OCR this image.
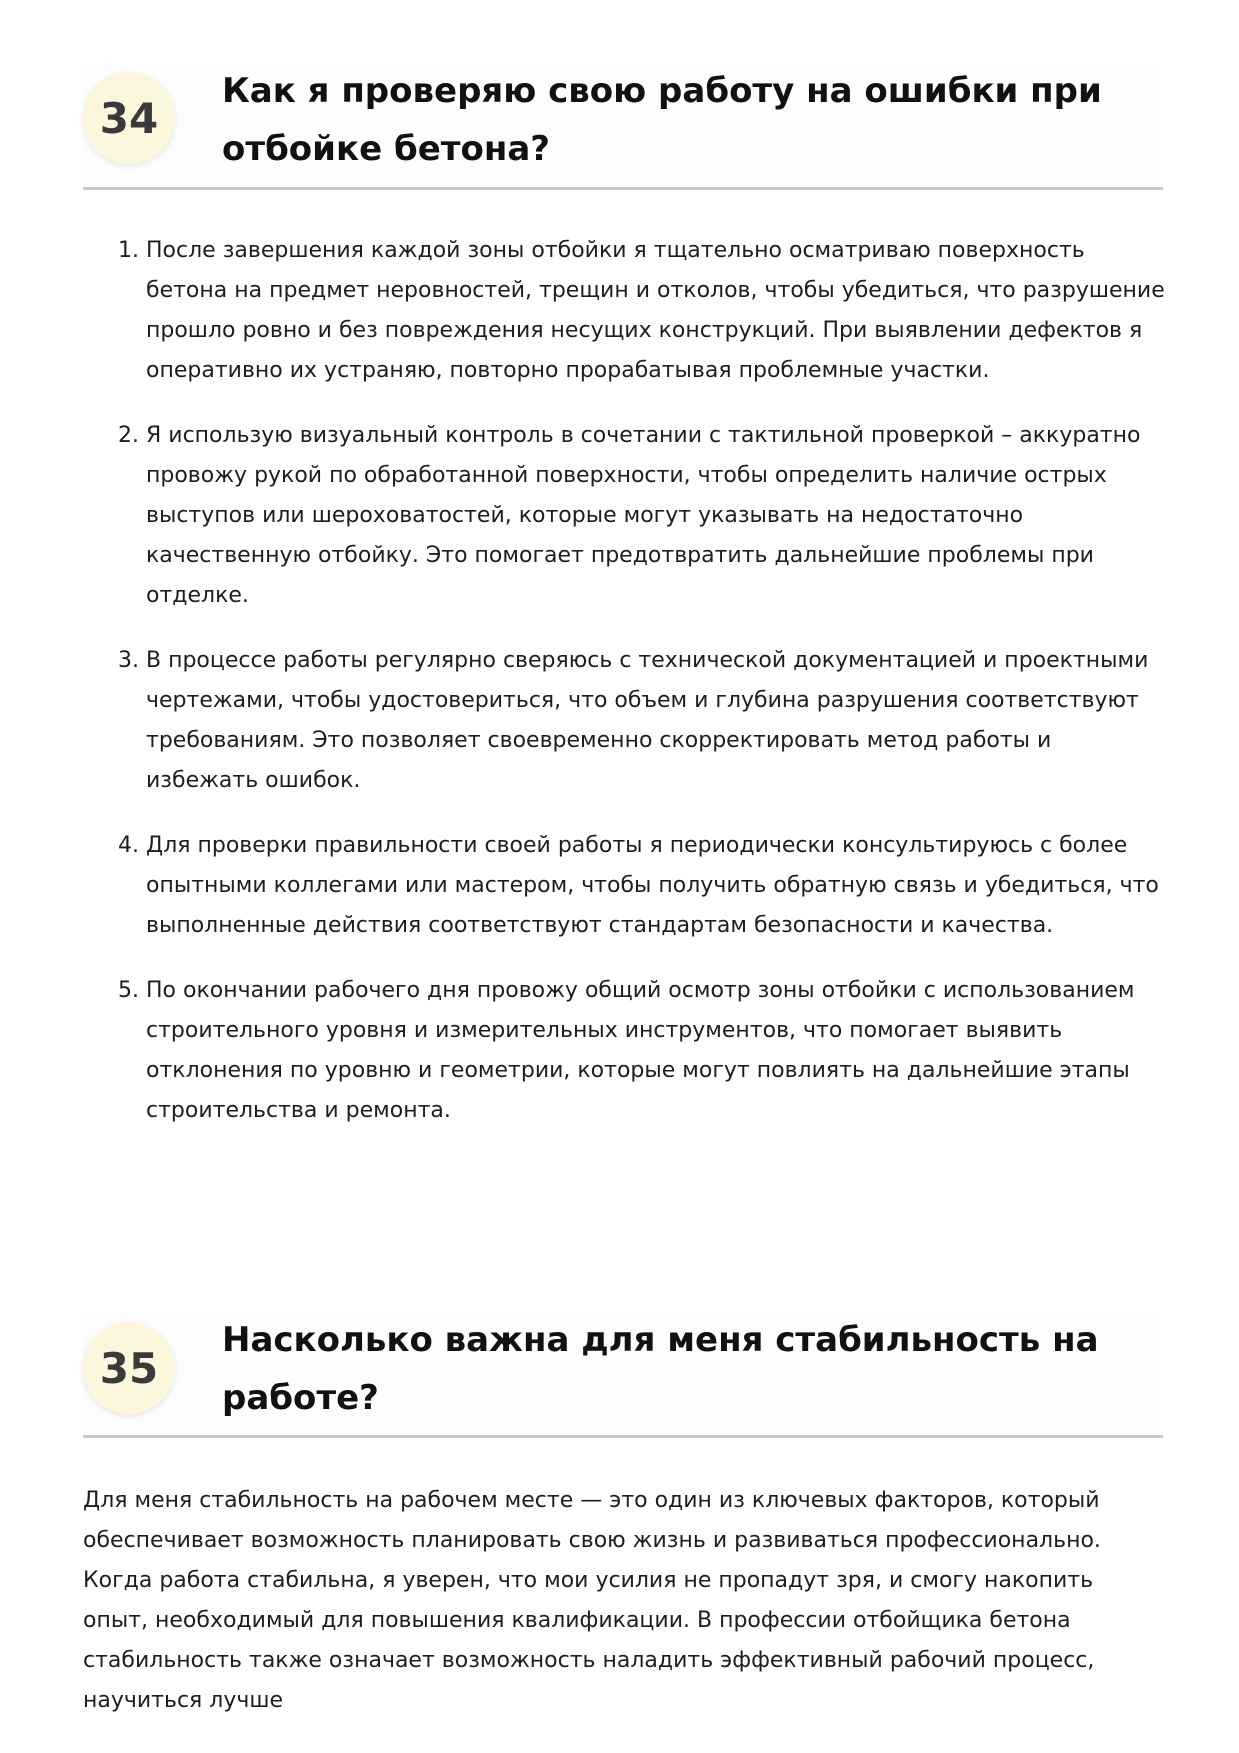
34
Как я проверяю свою работу на ошибки при отбойке бетона?
1. После завершения каждой зоны отбойки я тщательно осматриваю поверхность бетона на предмет неровностей, трещин и отколов, чтобы убедиться, что разрушение прошло ровно и без повреждения несущих конструкций. При выявлении дефектов я оперативно их устраняю, повторно прорабатывая проблемные участки.
2. Я использую визуальный контроль в сочетании с тактильной проверкой – аккуратно провожу рукой по обработанной поверхности, чтобы определить наличие острых выступов или шероховатостей, которые могут указывать на недостаточно качественную отбойку. Это помогает предотвратить дальнейшие проблемы при отделке.
3. В процессе работы регулярно сверяюсь с технической документацией и проектными чертежами, чтобы удостовериться, что объем и глубина разрушения соответствуют требованиям. Это позволяет своевременно скорректировать метод работы и избежать ошибок.
4. Для проверки правильности своей работы я периодически консультируюсь с более опытными коллегами или мастером, чтобы получить обратную связь и убедиться, что выполненные действия соответствуют стандартам безопасности и качества.
5. По окончании рабочего дня провожу общий осмотр зоны отбойки с использованием строительного уровня и измерительных инструментов, что помогает выявить отклонения по уровню и геометрии, которые могут повлиять на дальнейшие этапы строительства и ремонта.
35
Насколько важна для меня стабильность на работе?

Для меня стабильность на рабочем месте — это один из ключевых факторов, который обеспечивает возможность планировать свою жизнь и развиваться профессионально. Когда работа стабильна, я уверен, что мои усилия не пропадут зря, и смогу накопить опыт, необходимый для повышения квалификации. В профессии отбойщика бетона стабильность также означает возможность наладить эффективный рабочий процесс, научиться лучше
